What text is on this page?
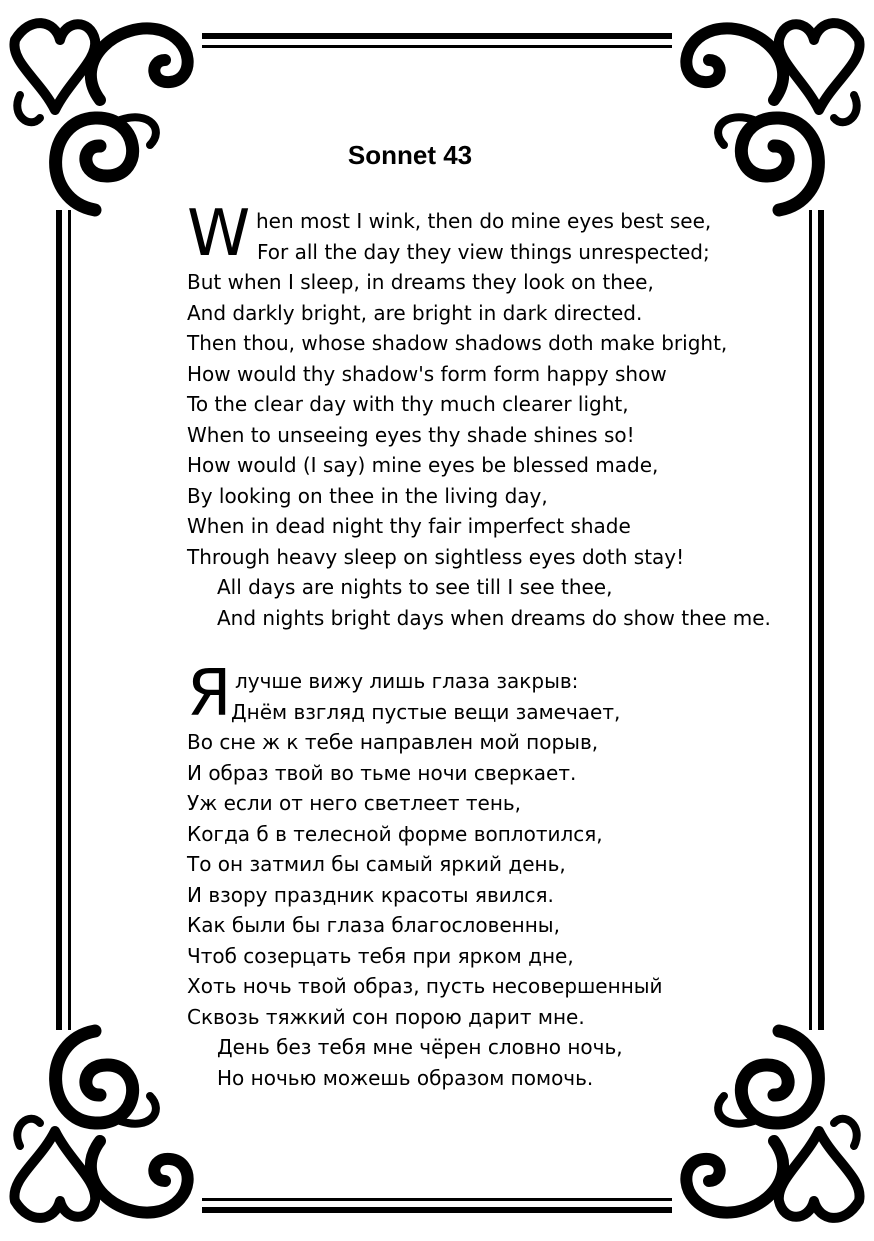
Sonnet 43
W hen most I wink, then do mine eyes best see,
For all the day they view things unrespected;
But when I sleep, in dreams they look on thee,
And darkly bright, are bright in dark directed.
Then thou, whose shadow shadows doth make bright,
How would thy shadow's form form happy show
To the clear day with thy much clearer light,
When to unseeing eyes thy shade shines so!
How would (I say) mine eyes be blessed made,
By looking on thee in the living day,
When in dead night thy fair imperfect shade
Through heavy sleep on sightless eyes doth stay!
All days are nights to see till I see thee,
And nights bright days when dreams do show thee me.
Я лучше вижу лишь глаза закрыв:
Днём взгляд пустые вещи замечает,
Во сне ж к тебе направлен мой порыв,
И образ твой во тьме ночи сверкает.
Уж если от него светлеет тень,
Когда б в телесной форме воплотился,
То он затмил бы самый яркий день,
И взору праздник красоты явился.
Как были бы глаза благословенны,
Чтоб созерцать тебя при ярком дне,
Хоть ночь твой образ, пусть несовершенный
Сквозь тяжкий сон порою дарит мне.
День без тебя мне чёрен словно ночь,
Но ночью можешь образом помочь.
